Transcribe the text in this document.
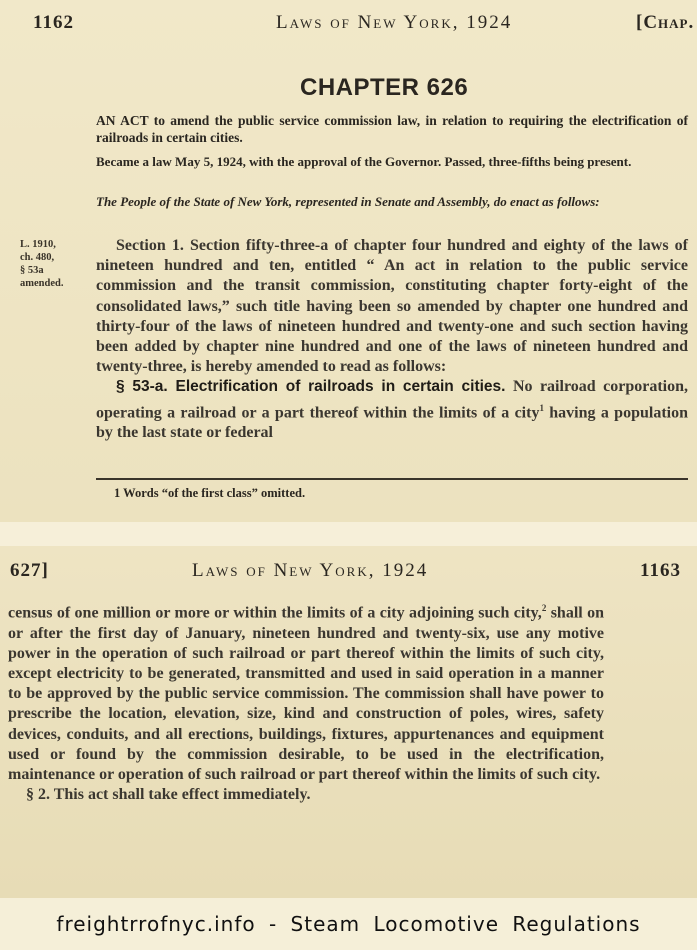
1162	Laws of New York, 1924	[Chap.
CHAPTER 626
AN ACT to amend the public service commission law, in relation to requiring the electrification of railroads in certain cities.
Became a law May 5, 1924, with the approval of the Governor. Passed, three-fifths being present.
The People of the State of New York, represented in Senate and Assembly, do enact as follows:
L. 1910,
ch. 480,
§ 53a
amended.

Section 1. Section fifty-three-a of chapter four hundred and eighty of the laws of nineteen hundred and ten, entitled “ An act in relation to the public service commission and the transit commission, constituting chapter forty-eight of the consolidated laws,” such title having been so amended by chapter one hundred and thirty-four of the laws of nineteen hundred and twenty-one and such section having been added by chapter nine hundred and one of the laws of nineteen hundred and twenty-three, is hereby amended to read as follows:

§ 53-a. Electrification of railroads in certain cities. No railroad corporation, operating a railroad or a part thereof within the limits of a city$^1$ having a population by the last state or federal

1 Words “of the first class” omitted.
627]	Laws of New York, 1924	1163

census of one million or more or within the limits of a city adjoining such city,$^2$ shall on or after the first day of January, nineteen hundred and twenty-six, use any motive power in the operation of such railroad or part thereof within the limits of such city, except electricity to be generated, transmitted and used in said operation in a manner to be approved by the public service commission. The commission shall have power to prescribe the location, elevation, size, kind and construction of poles, wires, safety devices, conduits, and all erections, buildings, fixtures, appurtenances and equipment used or found by the commission desirable, to be used in the electrification, maintenance or operation of such railroad or part thereof within the limits of such city.

§ 2. This act shall take effect immediately.

freightrrofnyc.info - Steam Locomotive Regulations
